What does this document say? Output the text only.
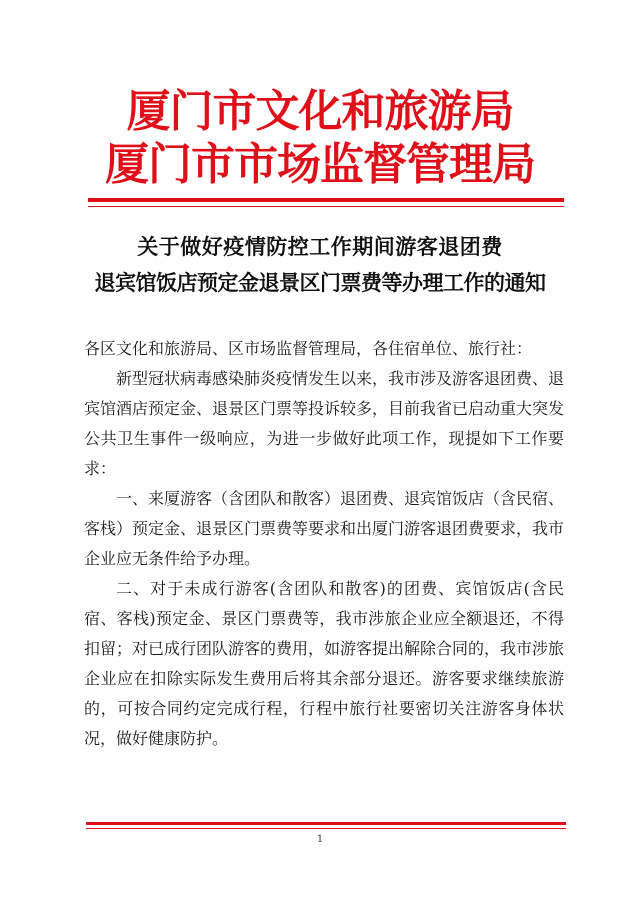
厦门市文化和旅游局
厦门市市场监督管理局
关于做好疫情防控工作期间游客退团费
退宾馆饭店预定金退景区门票费等办理工作的通知

各区文化和旅游局、区市场监督管理局，各住宿单位、旅行社：

新型冠状病毒感染肺炎疫情发生以来，我市涉及游客退团费、退宾馆酒店预定金、退景区门票等投诉较多，目前我省已启动重大突发公共卫生事件一级响应，为进一步做好此项工作，现提如下工作要求：

一、来厦游客（含团队和散客）退团费、退宾馆饭店（含民宿、客栈）预定金、退景区门票费等要求和出厦门游客退团费要求，我市企业应无条件给予办理。

二、对于未成行游客(含团队和散客)的团费、宾馆饭店(含民宿、客栈)预定金、景区门票费等，我市涉旅企业应全额退还，不得扣留；对已成行团队游客的费用，如游客提出解除合同的，我市涉旅企业应在扣除实际发生费用后将其余部分退还。游客要求继续旅游的，可按合同约定完成行程，行程中旅行社要密切关注游客身体状况，做好健康防护。

1
